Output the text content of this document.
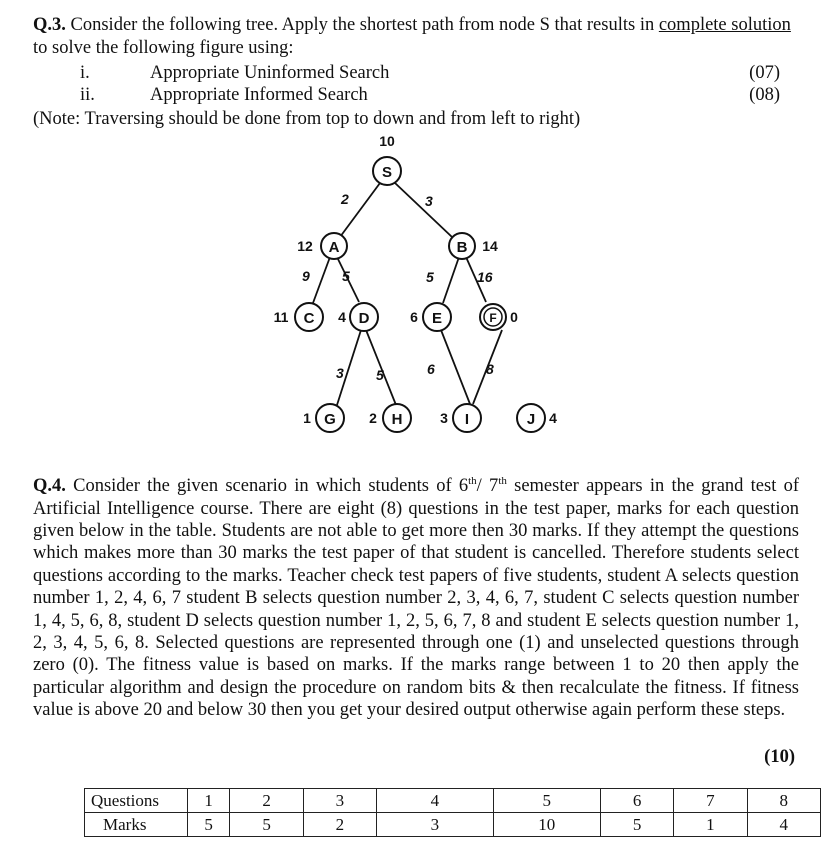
Q.3. Consider the following tree. Apply the shortest path from node S that results in complete solution to solve the following figure using:

i.	Appropriate Uninformed Search	(07)
ii.	Appropriate Informed Search	(08)
(Note: Traversing should be done from top to down and from left to right)
2	3
9 5	5	16
3 5	6	8
S
A	B
C	D	E	F
G	H	I	J
10
12	14
11	4	6	0
1	2	3	4

Q.4. Consider the given scenario in which students of 6th/ 7th semester appears in the grand test of Artificial Intelligence course. There are eight (8) questions in the test paper, marks for each question given below in the table. Students are not able to get more then 30 marks. If they attempt the questions which makes more than 30 marks the test paper of that student is cancelled. Therefore students select questions according to the marks. Teacher check test papers of five students, student A selects question number 1, 2, 4, 6, 7 student B selects question number 2, 3, 4, 6, 7, student C selects question number 1, 4, 5, 6, 8, student D selects question number 1, 2, 5, 6, 7, 8 and student E selects question number 1, 2, 3, 4, 5, 6, 8. Selected questions are represented through one (1) and unselected questions through zero (0). The fitness value is based on marks. If the marks range between 1 to 20 then apply the particular algorithm and design the procedure on random bits & then recalculate the fitness. If fitness value is above 20 and below 30 then you get your desired output otherwise again perform these steps.

(10)
Questions	1	2	3	4	5	6	7	8
Marks	5	5	2	3	10	5	1	4
